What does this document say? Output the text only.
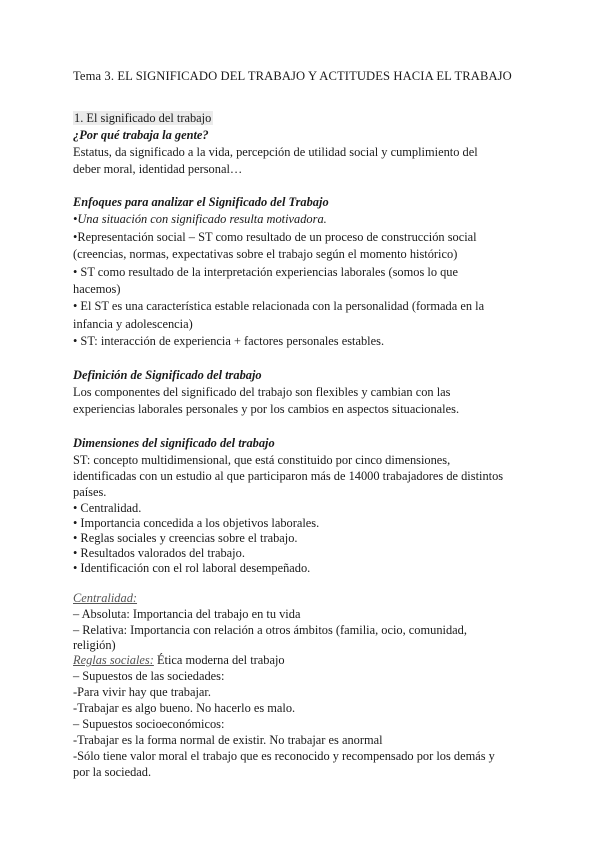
Tema 3. EL SIGNIFICADO DEL TRABAJO Y ACTITUDES HACIA EL TRABAJO
1. El significado del trabajo
¿Por qué trabaja la gente?
Estatus, da significado a la vida, percepción de utilidad social y cumplimiento del
deber moral, identidad personal…
Enfoques para analizar el Significado del Trabajo
•Una situación con significado resulta motivadora.
•Representación social – ST como resultado de un proceso de construcción social
(creencias, normas, expectativas sobre el trabajo según el momento histórico)
• ST como resultado de la interpretación experiencias laborales (somos lo que
hacemos)
• El ST es una característica estable relacionada con la personalidad (formada en la
infancia y adolescencia)
• ST: interacción de experiencia + factores personales estables.
Definición de Significado del trabajo
Los componentes del significado del trabajo son flexibles y cambian con las
experiencias laborales personales y por los cambios en aspectos situacionales.
Dimensiones del significado del trabajo
ST: concepto multidimensional, que está constituido por cinco dimensiones,
identificadas con un estudio al que participaron más de 14000 trabajadores de distintos
países.
• Centralidad.
• Importancia concedida a los objetivos laborales.
• Reglas sociales y creencias sobre el trabajo.
• Resultados valorados del trabajo.
• Identificación con el rol laboral desempeñado.
Centralidad:
– Absoluta: Importancia del trabajo en tu vida
– Relativa: Importancia con relación a otros ámbitos (familia, ocio, comunidad,
religión)
Reglas sociales: Ética moderna del trabajo
– Supuestos de las sociedades:
-Para vivir hay que trabajar.
-Trabajar es algo bueno. No hacerlo es malo.
– Supuestos socioeconómicos:
-Trabajar es la forma normal de existir. No trabajar es anormal
-Sólo tiene valor moral el trabajo que es reconocido y recompensado por los demás y
por la sociedad.
